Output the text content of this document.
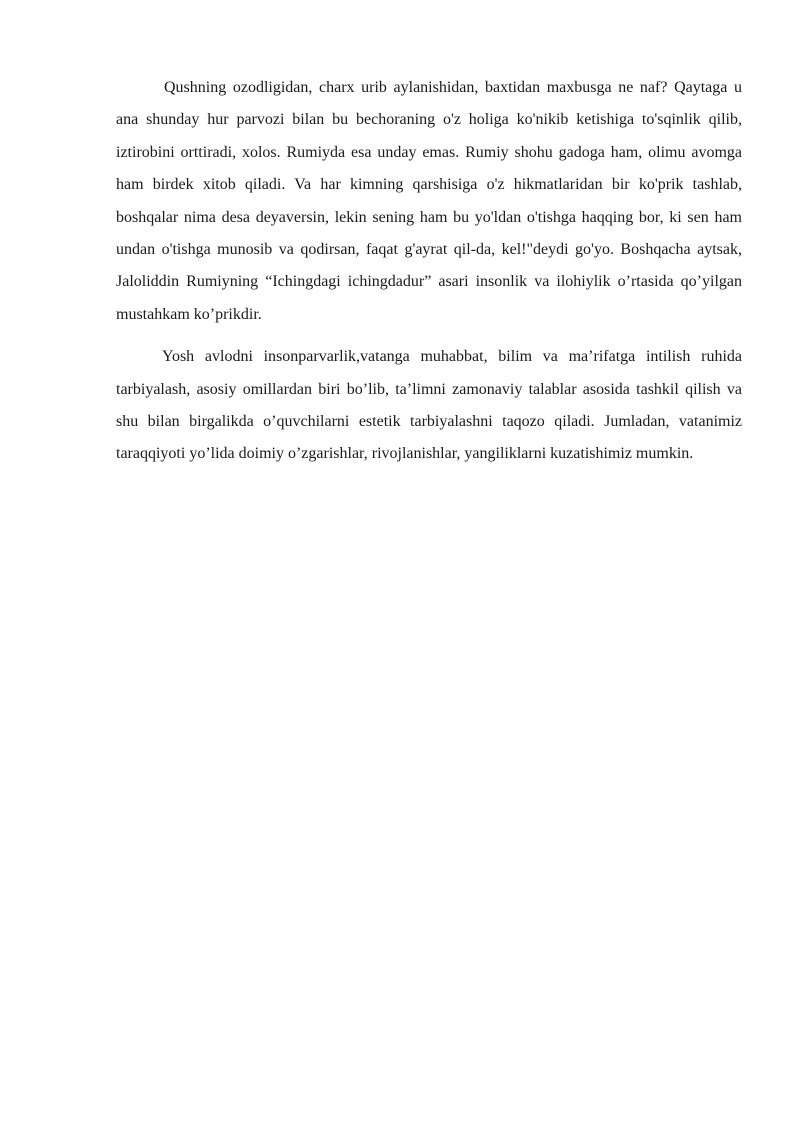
Qushning ozodligidan, charx urib aylanishidan, baxtidan maxbusga ne naf? Qaytaga u ana shunday hur parvozi bilan bu bechoraning o'z holiga ko'nikib ketishiga to'sqinlik qilib, iztirobini orttiradi, xolos. Rumiyda esa unday emas. Rumiy shohu gadoga ham, olimu avomga ham birdek xitob qiladi. Va har kimning qarshisiga o'z hikmatlaridan bir ko'prik tashlab, boshqalar nima desa deyaversin, lekin sening ham bu yo'ldan o'tishga haqqing bor, ki sen ham undan o'tishga munosib va qodirsan, faqat g'ayrat qil-da, kel!"deydi go'yo. Boshqacha aytsak, Jaloliddin Rumiyning “Ichingdagi ichingdadur” asari insonlik va ilohiylik o’rtasida qo’yilgan mustahkam ko’prikdir.

Yosh avlodni insonparvarlik,vatanga muhabbat, bilim va ma’rifatga intilish ruhida tarbiyalash, asosiy omillardan biri bo’lib, ta’limni zamonaviy talablar asosida tashkil qilish va shu bilan birgalikda o’quvchilarni estetik tarbiyalashni taqozo qiladi. Jumladan, vatanimiz taraqqiyoti yo’lida doimiy o’zgarishlar, rivojlanishlar, yangiliklarni kuzatishimiz mumkin.
